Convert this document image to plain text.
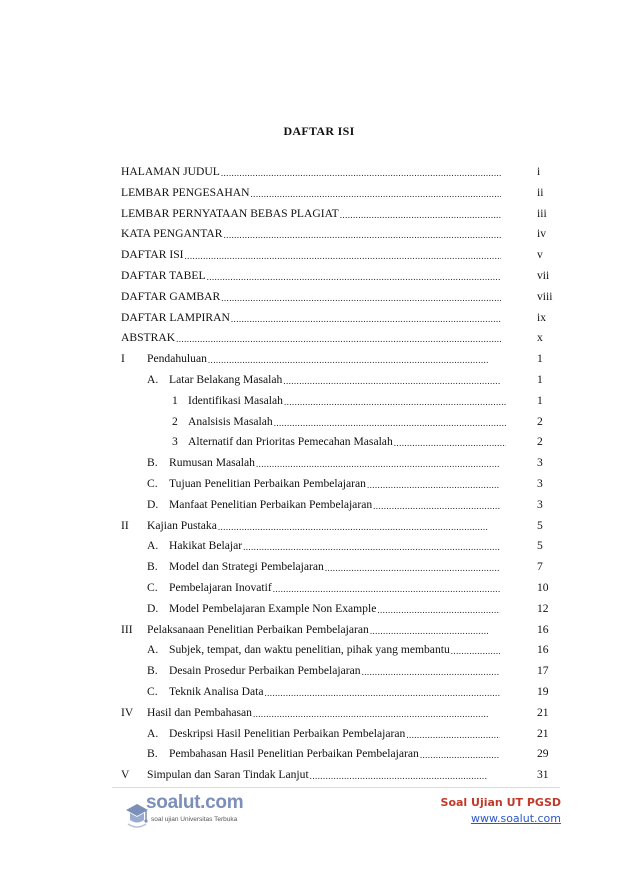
DAFTAR ISI
HALAMAN JUDUL .....	i
LEMBAR PENGESAHAN .....	ii
LEMBAR PERNYATAAN BEBAS PLAGIAT .....	iii
KATA PENGANTAR .....	iv
DAFTAR ISI .....	v
DAFTAR TABEL .....	vii
DAFTAR GAMBAR .....	viii
DAFTAR LAMPIRAN .....	ix
ABSTRAK .....	x
I	Pendahuluan .....	1
A. Latar Belakang Masalah .....	1
1 Identifikasi Masalah .....	1
2 Analsisis Masalah .....	2
3 Alternatif dan Prioritas Pemecahan Masalah .....	2
B. Rumusan Masalah .....	3
C. Tujuan Penelitian Perbaikan Pembelajaran .....	3
D. Manfaat Penelitian Perbaikan Pembelajaran .....	3
II	Kajian Pustaka .....	5
A. Hakikat Belajar .....	5
B. Model dan Strategi Pembelajaran .....	7
C. Pembelajaran Inovatif .....	10
D. Model Pembelajaran Example Non Example .....	12
III	Pelaksanaan Penelitian Perbaikan Pembelajaran .....	16
A. Subjek, tempat, dan waktu penelitian, pihak yang membantu .....	16
B. Desain Prosedur Perbaikan Pembelajaran .....	17
C. Teknik Analisa Data .....	19
IV	Hasil dan Pembahasan .....	21
A. Deskripsi Hasil Penelitian Perbaikan Pembelajaran .....	21
B. Pembahasan Hasil Penelitian Perbaikan Pembelajaran .....	29
V	Simpulan dan Saran Tindak Lanjut .....	31
soalut.com
soal ujian Universitas Terbuka
Soal Ujian UT PGSD
www.soalut.com
